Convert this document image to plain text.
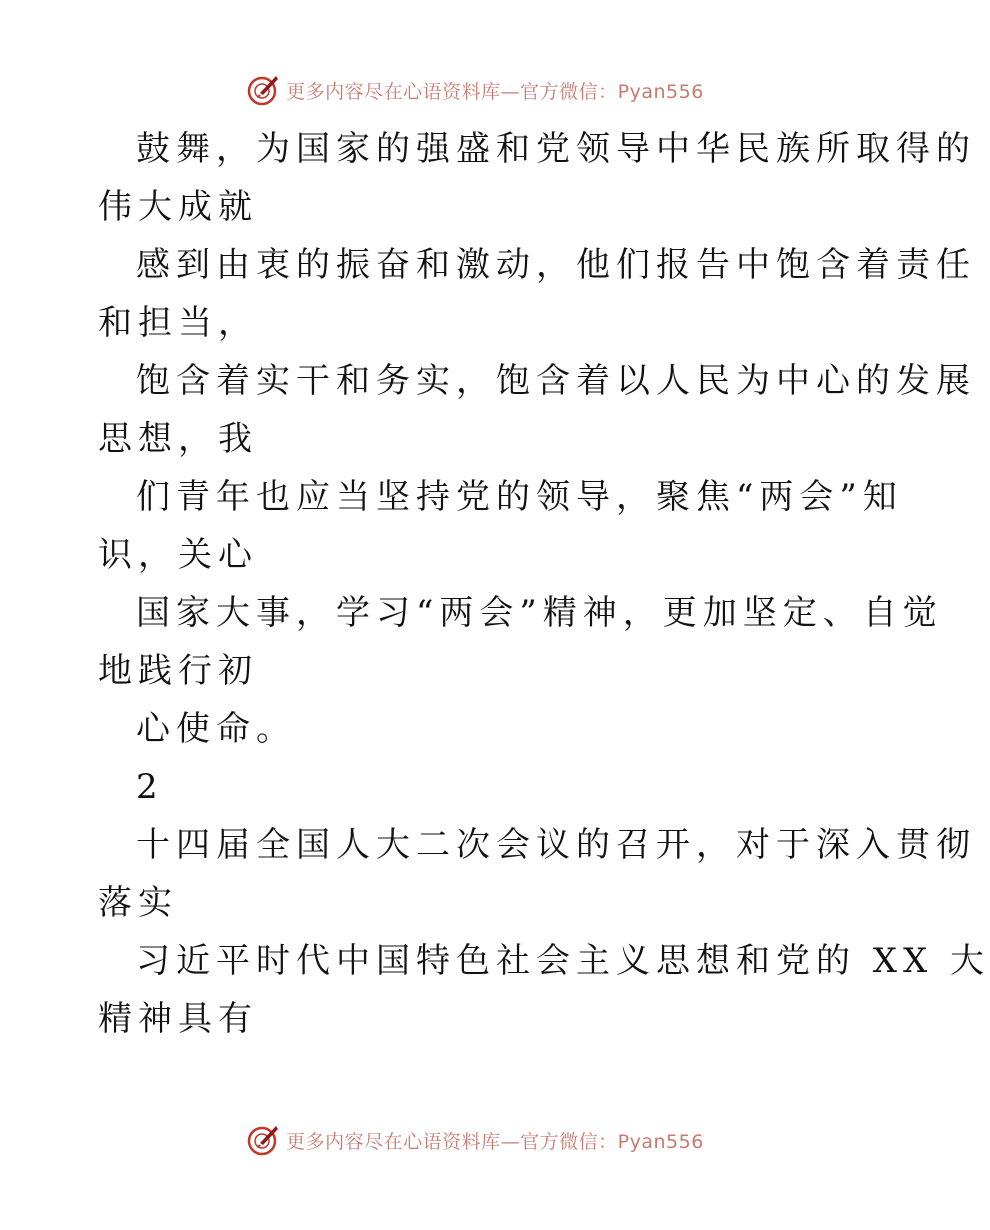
更多内容尽在心语资料库—官方微信：Pyan556
鼓舞，为国家的强盛和党领导中华民族所取得的
伟大成就
感到由衷的振奋和激动，他们报告中饱含着责任
和担当，
饱含着实干和务实，饱含着以人民为中心的发展
思想，我
们青年也应当坚持党的领导，聚焦“两会”知
识，关心
国家大事，学习“两会”精神，更加坚定、自觉
地践行初
心使命。
2
十四届全国人大二次会议的召开，对于深入贯彻
落实
习近平时代中国特色社会主义思想和党的 XX 大
精神具有
更多内容尽在心语资料库—官方微信：Pyan556
